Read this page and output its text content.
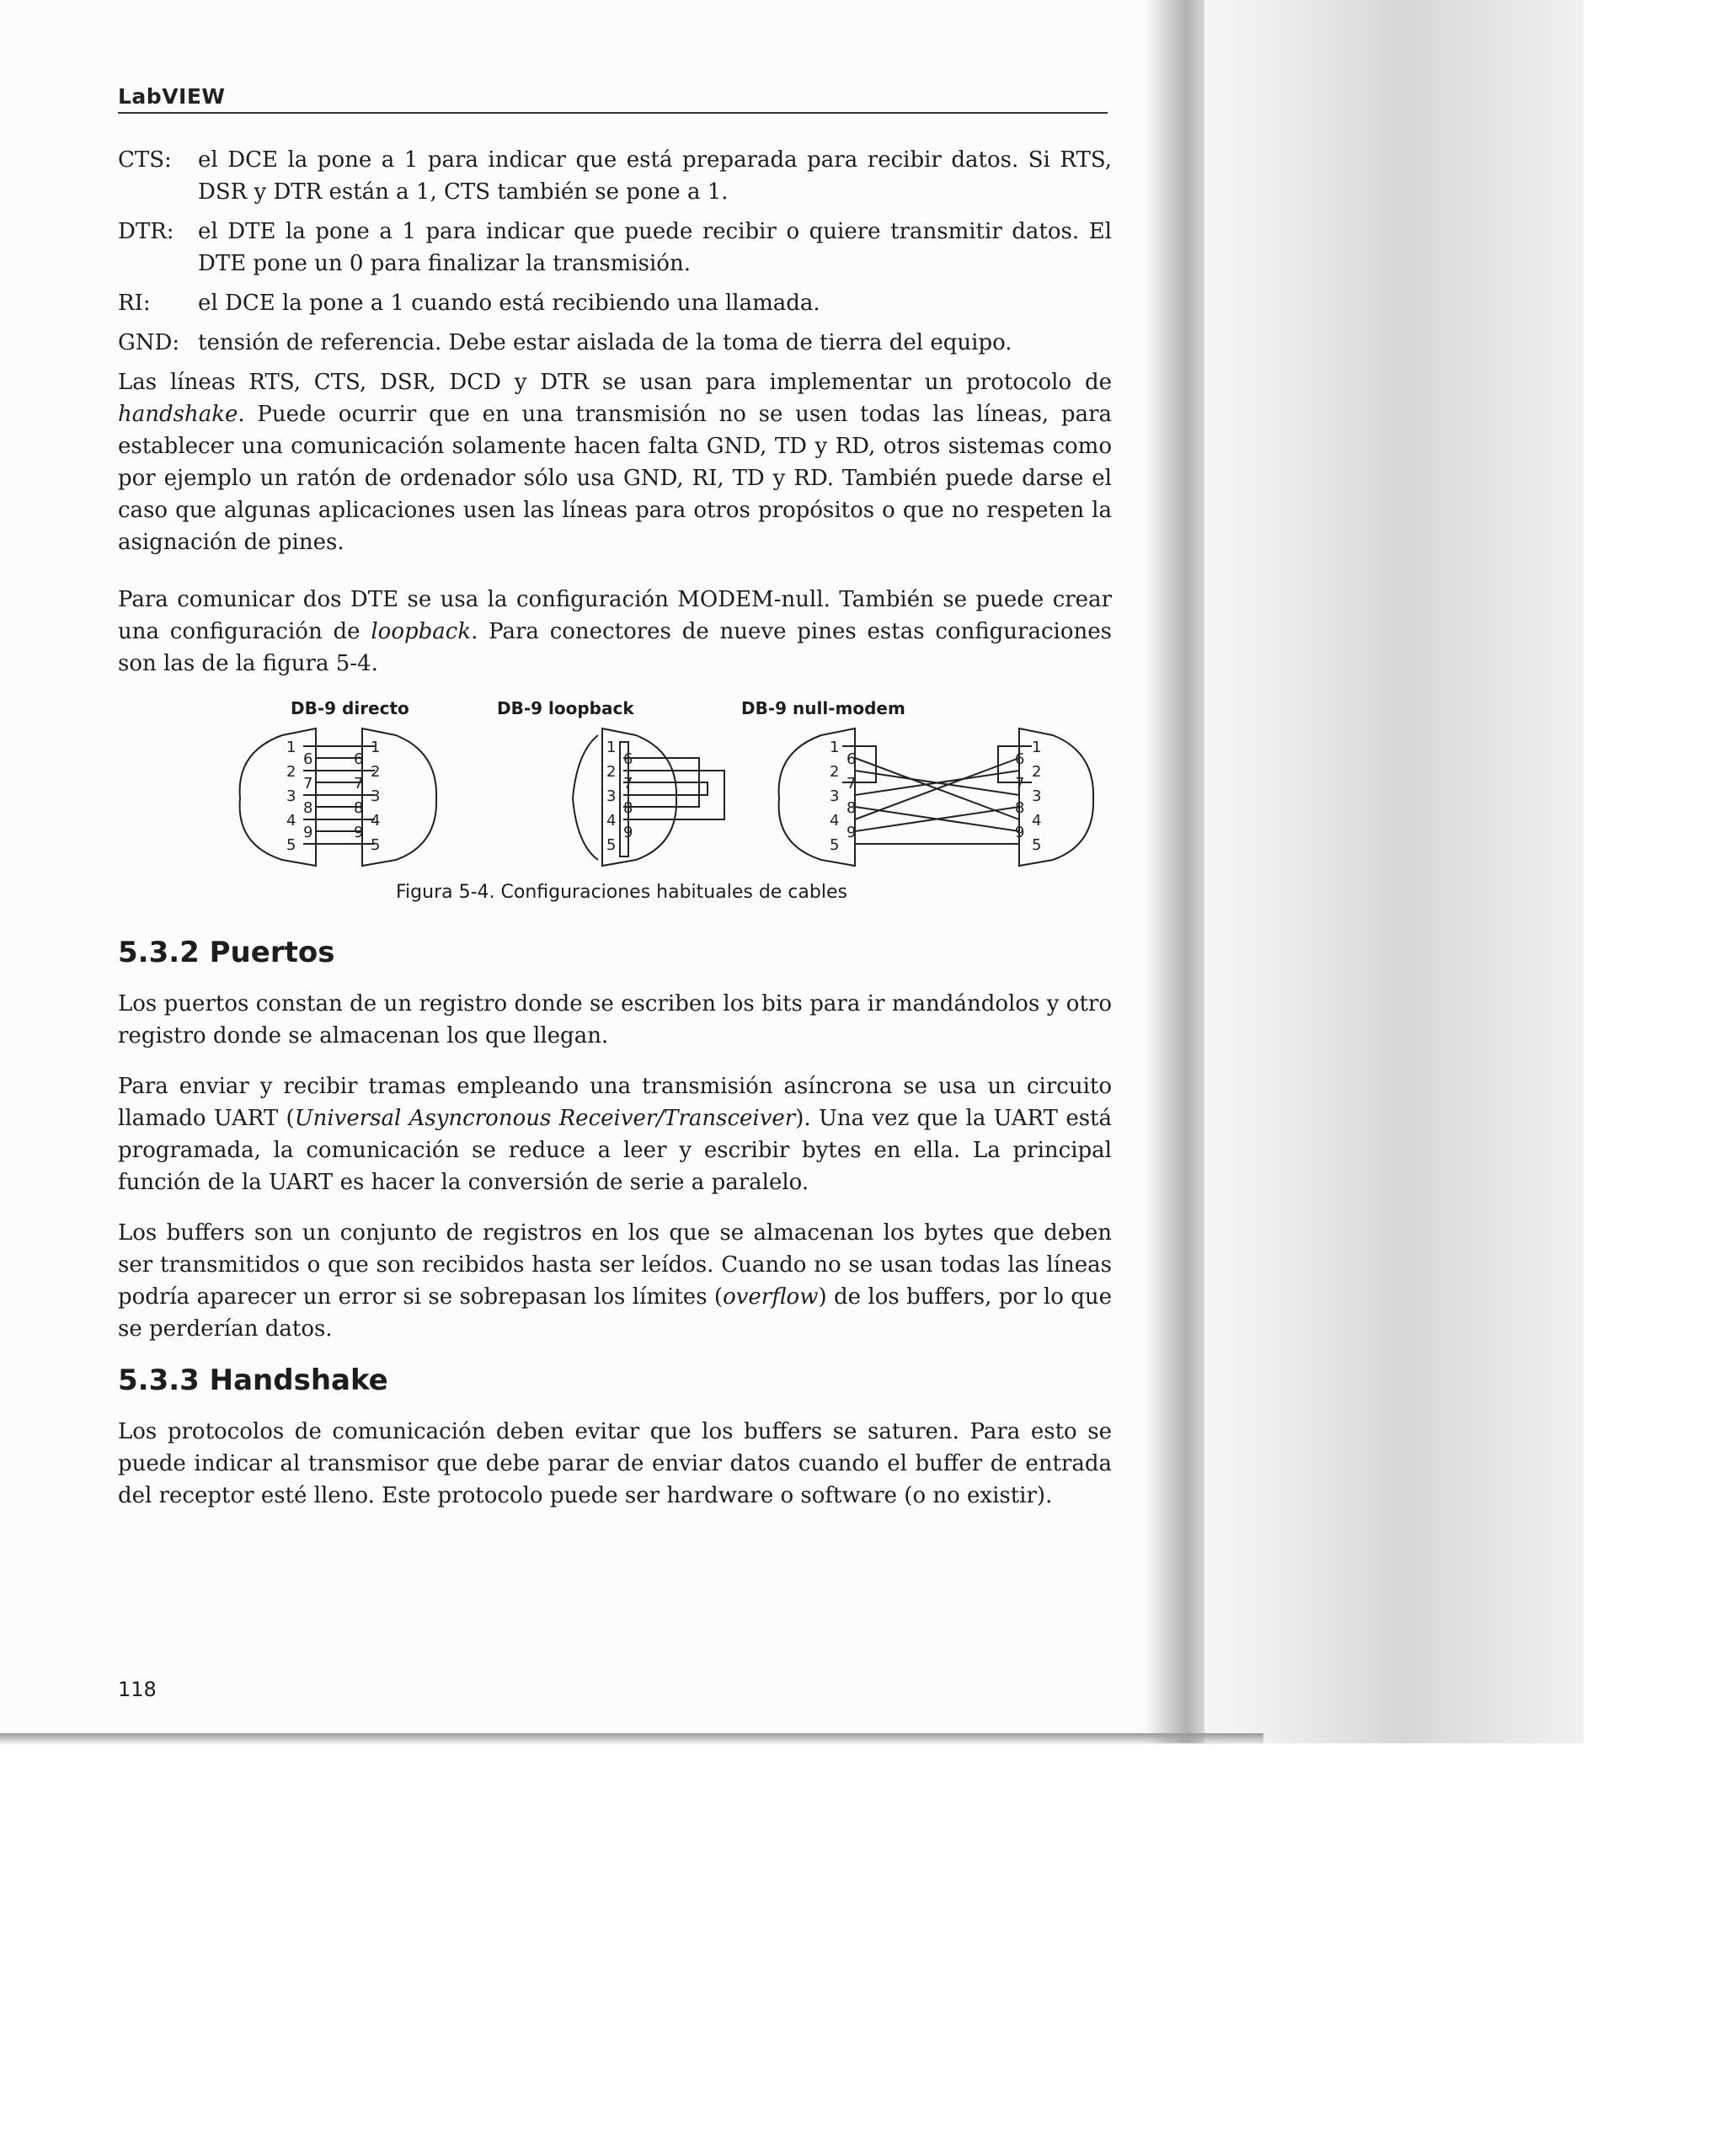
LabVIEW
CTS:	el DCE la pone a 1 para indicar que está preparada para recibir datos. Si RTS, DSR y DTR están a 1, CTS también se pone a 1.
DTR:	el DTE la pone a 1 para indicar que puede recibir o quiere transmitir datos. El DTE pone un 0 para finalizar la transmisión.
RI:	el DCE la pone a 1 cuando está recibiendo una llamada.
GND: tensión de referencia. Debe estar aislada de la toma de tierra del equipo.

Las líneas RTS, CTS, DSR, DCD y DTR se usan para implementar un protocolo de handshake. Puede ocurrir que en una transmisión no se usen todas las líneas, para establecer una comunicación solamente hacen falta GND, TD y RD, otros sistemas como por ejemplo un ratón de ordenador sólo usa GND, RI, TD y RD. También puede darse el caso que algunas aplicaciones usen las líneas para otros propósitos o que no respeten la asignación de pines.

Para comunicar dos DTE se usa la configuración MODEM-null. También se puede crear una configuración de loopback. Para conectores de nueve pines estas configuraciones son las de la figura 5-4.

DB-9 directo	DB-9 loopback	DB-9 null-modem
1
2
3
4
5
6
7
8
9
1
2
3
4
5
6
7
8
9
1
2
3
4
5
6
7
8
9
1
2
3
4
5
6
7
8
9
1
2
3
4
5
6
7
8
9
Figura 5-4. Configuraciones habituales de cables
5.3.2 Puertos

Los puertos constan de un registro donde se escriben los bits para ir mandándolos y otro registro donde se almacenan los que llegan.

Para enviar y recibir tramas empleando una transmisión asíncrona se usa un circuito llamado UART (Universal Asyncronous Receiver/Transceiver). Una vez que la UART está programada, la comunicación se reduce a leer y escribir bytes en ella. La principal función de la UART es hacer la conversión de serie a paralelo.

Los buffers son un conjunto de registros en los que se almacenan los bytes que deben ser transmitidos o que son recibidos hasta ser leídos. Cuando no se usan todas las líneas podría aparecer un error si se sobrepasan los límites (overflow) de los buffers, por lo que se perderían datos.

5.3.3 Handshake

Los protocolos de comunicación deben evitar que los buffers se saturen. Para esto se puede indicar al transmisor que debe parar de enviar datos cuando el buffer de entrada del receptor esté lleno. Este protocolo puede ser hardware o software (o no existir).

118
